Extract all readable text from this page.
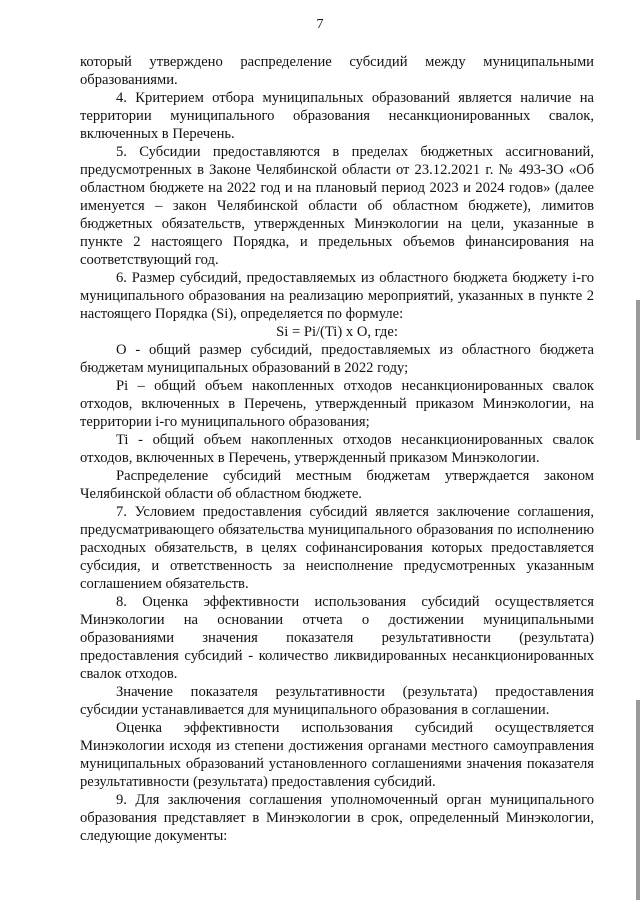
7

который утверждено распределение субсидий между муниципальными образованиями.

4. Критерием отбора муниципальных образований является наличие на территории муниципального образования несанкционированных свалок, включенных в Перечень.

5. Субсидии предоставляются в пределах бюджетных ассигнований, предусмотренных в Законе Челябинской области от 23.12.2021 г. № 493-ЗО «Об областном бюджете на 2022 год и на плановый период 2023 и 2024 годов» (далее именуется – закон Челябинской области об областном бюджете), лимитов бюджетных обязательств, утвержденных Минэкологии на цели, указанные в пункте 2 настоящего Порядка, и предельных объемов финансирования на соответствующий год.

6. Размер субсидий, предоставляемых из областного бюджета бюджету i-го муниципального образования на реализацию мероприятий, указанных в пункте 2 настоящего Порядка (Si), определяется по формуле:

Si = Pi/(Ti) х О, где:

О - общий размер субсидий, предоставляемых из областного бюджета бюджетам муниципальных образований в 2022 году;

Pi – общий объем накопленных отходов несанкционированных свалок отходов, включенных в Перечень, утвержденный приказом Минэкологии, на территории i-го муниципального образования;

Ti - общий объем накопленных отходов несанкционированных свалок отходов, включенных в Перечень, утвержденный приказом Минэкологии.

Распределение субсидий местным бюджетам утверждается законом Челябинской области об областном бюджете.

7. Условием предоставления субсидий является заключение соглашения, предусматривающего обязательства муниципального образования по исполнению расходных обязательств, в целях софинансирования которых предоставляется субсидия, и ответственность за неисполнение предусмотренных указанным соглашением обязательств.

8. Оценка эффективности использования субсидий осуществляется Минэкологии на основании отчета о достижении муниципальными образованиями значения показателя результативности (результата) предоставления субсидий - количество ликвидированных несанкционированных свалок отходов.

Значение показателя результативности (результата) предоставления субсидии устанавливается для муниципального образования в соглашении.

Оценка эффективности использования субсидий осуществляется Минэкологии исходя из степени достижения органами местного самоуправления муниципальных образований установленного соглашениями значения показателя результативности (результата) предоставления субсидий.

9. Для заключения соглашения уполномоченный орган муниципального образования представляет в Минэкологии в срок, определенный Минэкологии, следующие документы:
